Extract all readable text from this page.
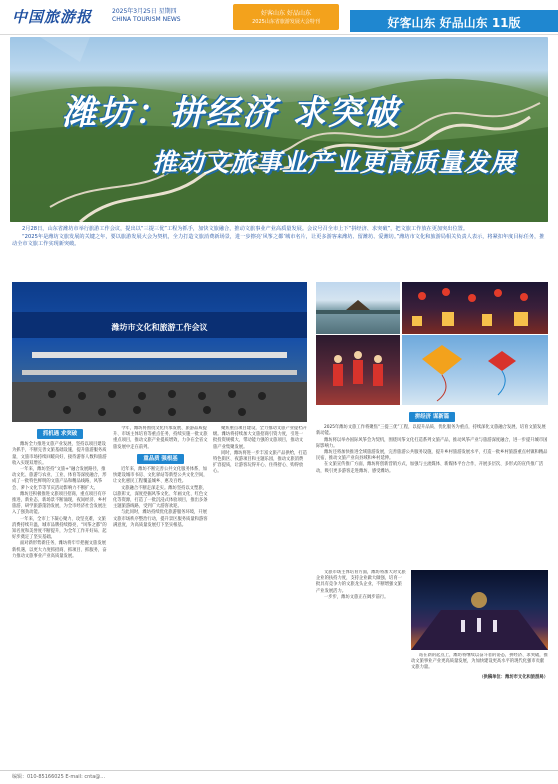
中国旅游报	2025年3月25日 星期四
CHINA TOURISM NEWS
好客山东 好品山东
2025山东省旅游发展大会特刊	好客山东 好品山东 11版
潍坊：拼经济 求突破
推动文旅事业产业更高质量发展

2月28日，山东省潍坊市举行旅游工作会议，提出以“三提三优”工程为抓手，加快文旅融合，推动文旅事业产业高质量发展。会议号召全市上下“拼经济、求突破”，把文旅工作放在更加突出位置。

“2025年是潍坊文旅发展的关键之年，要以旅游发展大会为契机，全力打造文旅消费新场景，进一步擦亮‘风筝之都’城市名片，让更多游客来潍坊、留潍坊、爱潍坊。”潍坊市文化和旅游局相关负责人表示，将紧扣年度目标任务，推动全市文旅工作实现新突破。

潍坊市文化和旅游工作会议
抓机遇 求突破

潍坊全力推进文旅产业发展，坚持以项目建设为抓手，不断完善文旅基础设施，提升旅游服务质量，文旅市场持续回暖向好，接待游客人数和旅游收入实现双增长。

一年来，潍坊坚持“文旅+”融合发展路径，推动文化、旅游与农业、工业、体育等深度融合，形成了一批特色鲜明的文旅产品和精品线路，风筝会、萝卜文化节等节庆活动影响力不断扩大。

潍坊还积极推进文旅项目招商，重点项目有序推进，新业态、新场景不断涌现，夜间经济、乡村旅游、研学旅游蓬勃发展，为全市经济社会发展注入了强劲动能。

一年来，全市上下凝心聚力、攻坚克难，文旅消费持续升温，城市品牌持续擦亮，“风筝之都”的知名度和美誉度不断提升，为全年工作开好局、起好步奠定了坚实基础。

面对新形势新任务，潍坊将牢牢把握文旅发展新机遇，以更大力度抓招商、抓项目、抓服务，奋力推动文旅事业产业高质量发展。

今年，潍坊将围绕文化传承发展、旅游品质提升、市场主体培育等重点任务，持续实施一批文旅重点项目，推动文旅产业提质增效，力争在全省文旅发展中走在前列。

重品质 强根基

近年来，潍坊不断完善公共文化服务体系，加快建设城市书房、文化驿站等新型公共文化空间，让文化惠民工程覆盖城乡、惠及百姓。

文旅融合不断走深走实。潍坊坚持以文塑旅、以旅彰文，深度挖掘风筝文化、年画文化、红色文化等资源，打造了一批沉浸式体验项目，推出多条主题旅游线路，受到广大游客欢迎。

与此同时，潍坊持续优化旅游服务环境，开展文旅市场秩序整治行动，提升景区服务质量和游客满意度，为高质量发展打下坚实根基。

聚焦重点项目建设，全力推动文旅产业提档升级。潍坊将持续加大文旅招商引资力度，引进一批投资规模大、带动能力强的文旅项目，推动文旅产业集聚发展。

同时，潍坊将进一步丰富文旅产品供给，打造特色街区、夜游项目和主题乐园，推动文旅消费扩容提质，让游客玩得开心、住得舒心、购得放心。

拼经济 谋新篇

2025年潍坊文旅工作将聚焦“三提三优”工程，以提升品质、优化服务为重点，持续深化文旅融合发展，培育文旅发展新动能。

潍坊将以举办国际风筝会为契机，围绕风筝文化打造系列文旅产品，推动风筝产业与旅游深度融合，进一步提升城市国际影响力。

潍坊还将加快推进全域旅游发展，完善旅游公共服务设施，提升乡村旅游发展水平，打造一批乡村旅游重点村镇和精品民宿，推动文旅产业向县域和乡村延伸。

在文旅宣传推广方面，潍坊将创新营销方式，加强与主流媒体、新媒体平台合作，开展多层次、多形式的宣传推广活动，吸引更多游客走进潍坊、感受潍坊。

文旅市场主体培育方面，潍坊将加大对文旅企业的扶持力度，支持企业做大做强，培育一批具有竞争力的文旅龙头企业，不断增强文旅产业发展活力。

一步步，潍坊文旅正在阔步前行。

站在新的起点上，潍坊将继续以奋斗者的姿态，拼经济、求突破，推动文旅事业产业更高质量发展，为加快建设更高水平的现代化强市贡献文旅力量。

（供稿单位：潍坊市文化和旅游局）

编辑：010-85166025 E-mail: cnta@...
